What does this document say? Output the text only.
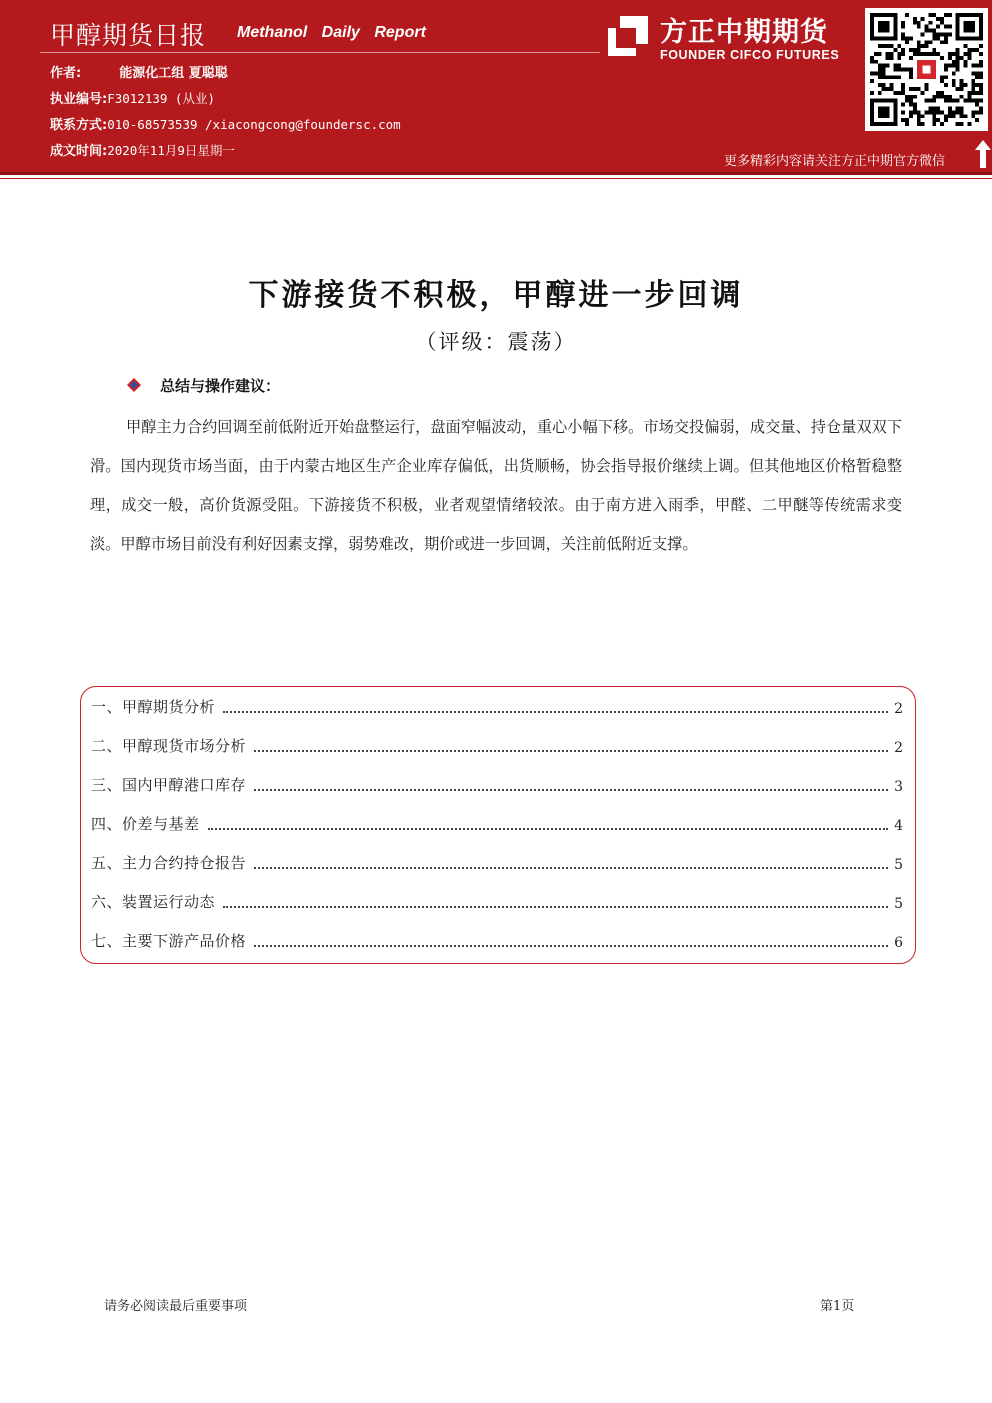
甲醇期货日报 Methanol Daily Report
作者:	能源化工组 夏聪聪
执业编号:F3012139 (从业)
联系方式:010-68573539 /xiacongcong@foundersc.com
成文时间:2020年11月9日星期一
方正中期期货
FOUNDER CIFCO FUTURES
更多精彩内容请关注方正中期官方微信
下游接货不积极，甲醇进一步回调
（评级：震荡）
总结与操作建议：

甲醇主力合约回调至前低附近开始盘整运行，盘面窄幅波动，重心小幅下移。市场交投偏弱，成交量、持仓量双双下滑。国内现货市场当面，由于内蒙古地区生产企业库存偏低，出货顺畅，协会指导报价继续上调。但其他地区价格暂稳整理，成交一般，高价货源受阻。下游接货不积极，业者观望情绪较浓。由于南方进入雨季，甲醛、二甲醚等传统需求变淡。甲醇市场目前没有利好因素支撑，弱势难改，期价或进一步回调，关注前低附近支撑。

一、甲醇期货分析	2
二、甲醇现货市场分析	2
三、国内甲醇港口库存	3
四、价差与基差	4
五、主力合约持仓报告	5
六、装置运行动态	5
七、主要下游产品价格	6
请务必阅读最后重要事项	第1页
